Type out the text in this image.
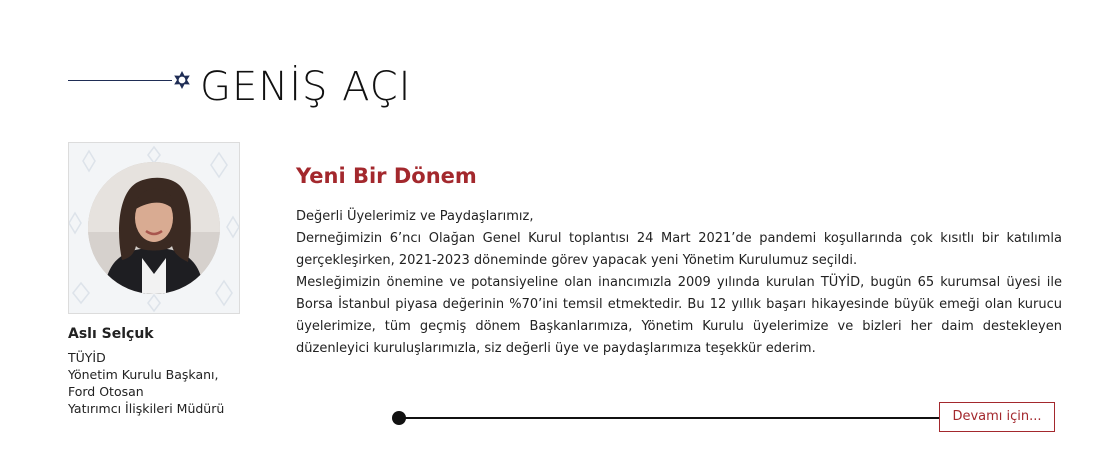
GENİŞ AÇI
Aslı Selçuk
TÜYİD
Yönetim Kurulu Başkanı,
Ford Otosan
Yatırımcı İlişkileri Müdürü
Yeni Bir Dönem

Değerli Üyelerimiz ve Paydaşlarımız,

Derneğimizin 6’ncı Olağan Genel Kurul toplantısı 24 Mart 2021’de pandemi koşullarında çok kısıtlı bir katılımla gerçekleşirken, 2021-2023 döneminde görev yapacak yeni Yönetim Kurulumuz seçildi.

Mesleğimizin önemine ve potansiyeline olan inancımızla 2009 yılında kurulan TÜYİD, bugün 65 kurumsal üyesi ile Borsa İstanbul piyasa değerinin %70’ini temsil etmektedir. Bu 12 yıllık başarı hikayesinde büyük emeği olan kurucu üyelerimize, tüm geçmiş dönem Başkanlarımıza, Yönetim Kurulu üyelerimize ve bizleri her daim destekleyen düzenleyici kuruluşlarımızla, siz değerli üye ve paydaşlarımıza teşekkür ederim.

Devamı için...
